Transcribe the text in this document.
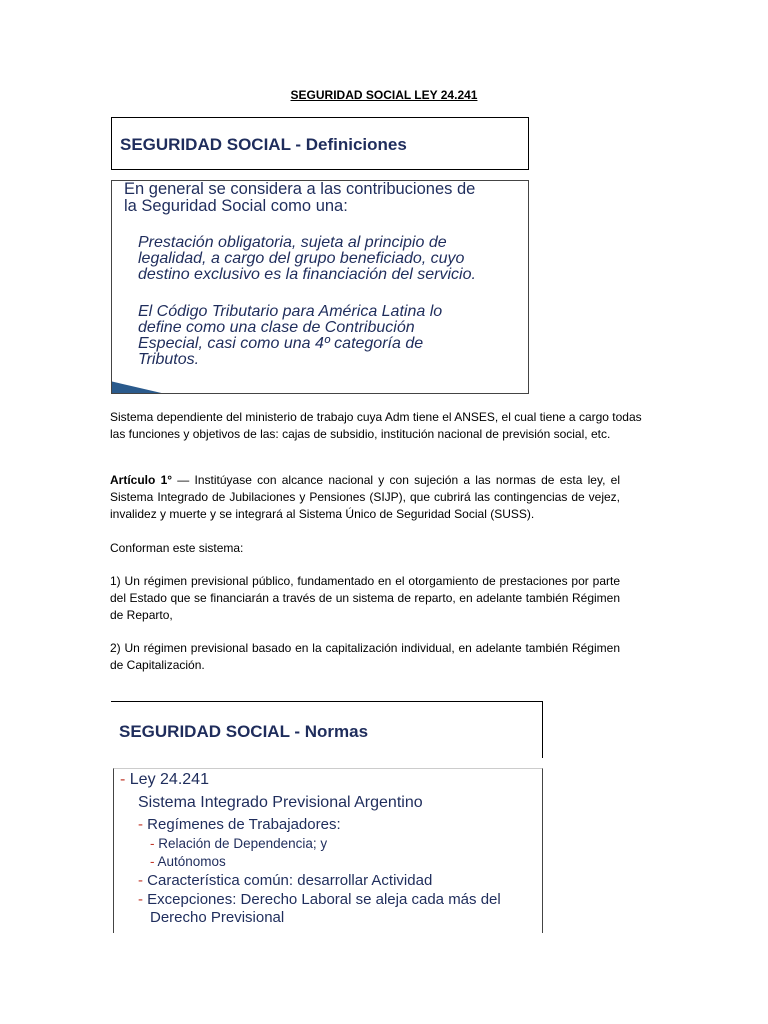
SEGURIDAD SOCIAL LEY 24.241
SEGURIDAD SOCIAL - Definiciones
En general se considera a las contribuciones de
la Seguridad Social como una:
Prestación obligatoria, sujeta al principio de
legalidad, a cargo del grupo beneficiado, cuyo
destino exclusivo es la financiación del servicio.
El Código Tributario para América Latina lo
define como una clase de Contribución
Especial, casi como una 4º categoría de
Tributos.
Sistema dependiente del ministerio de trabajo cuya Adm tiene el ANSES, el cual tiene a cargo todas las funciones y objetivos de las: cajas de subsidio, institución nacional de previsión social, etc.
Artículo 1° — Institúyase con alcance nacional y con sujeción a las normas de esta ley, el Sistema Integrado de Jubilaciones y Pensiones (SIJP), que cubrirá las contingencias de vejez, invalidez y muerte y se integrará al Sistema Único de Seguridad Social (SUSS).
Conforman este sistema:
1) Un régimen previsional público, fundamentado en el otorgamiento de prestaciones por parte del Estado que se financiarán a través de un sistema de reparto, en adelante también Régimen de Reparto,
2) Un régimen previsional basado en la capitalización individual, en adelante también Régimen de Capitalización.
SEGURIDAD SOCIAL - Normas
- Ley 24.241
Sistema Integrado Previsional Argentino
- Regímenes de Trabajadores:
- Relación de Dependencia; y
- Autónomos
- Característica común: desarrollar Actividad
- Excepciones: Derecho Laboral se aleja cada más del
Derecho Previsional
